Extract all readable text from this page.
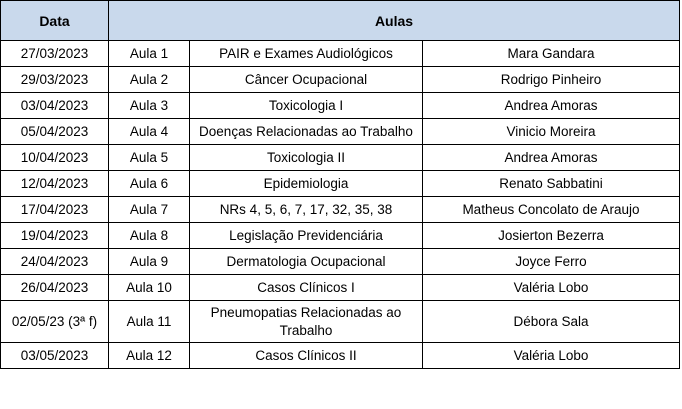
Data	Aulas		
27/03/2023	Aula 1	PAIR e Exames Audiológicos	Mara Gandara
29/03/2023	Aula 2	Câncer Ocupacional	Rodrigo Pinheiro
03/04/2023	Aula 3	Toxicologia I	Andrea Amoras
05/04/2023	Aula 4	Doenças Relacionadas ao Trabalho	Vinicio Moreira
10/04/2023	Aula 5	Toxicologia II	Andrea Amoras
12/04/2023	Aula 6	Epidemiologia	Renato Sabbatini
17/04/2023	Aula 7	NRs 4, 5, 6, 7, 17, 32, 35, 38	Matheus Concolato de Araujo
19/04/2023	Aula 8	Legislação Previdenciária	Josierton Bezerra
24/04/2023	Aula 9	Dermatologia Ocupacional	Joyce Ferro
26/04/2023	Aula 10	Casos Clínicos I	Valéria Lobo
02/05/23 (3ª f)	Aula 11	Pneumopatias Relacionadas ao Trabalho	Débora Sala
03/05/2023	Aula 12	Casos Clínicos II	Valéria Lobo
